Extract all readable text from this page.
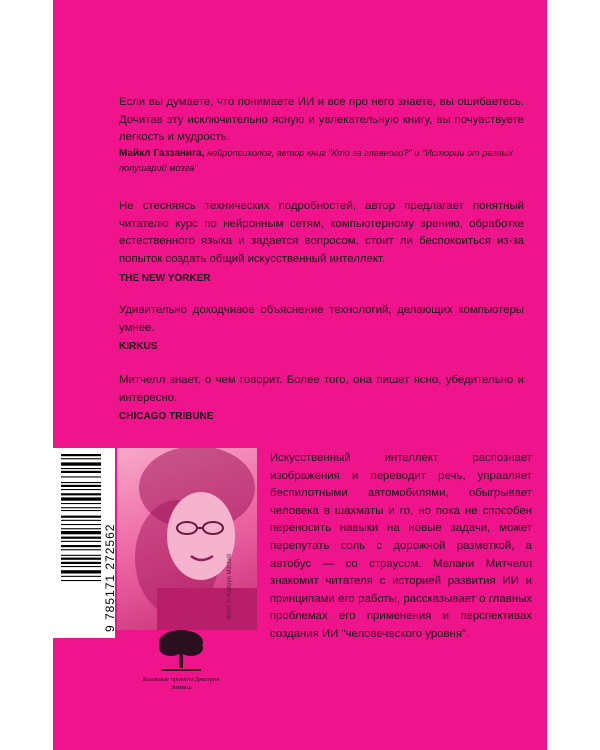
Если вы думаете, что понимаете ИИ и все про него знаете, вы ошибаетесь. Дочитав эту исключительно ясную и увлекательную книгу, вы почувствуете легкость и мудрость.
Майкл Газзанига, нейропсихолог, автор книг "Кто за главного?" и "Истории от разных полушарий мозга"
Не стесняясь технических подробностей, автор предлагает понятный читателю курс по нейронным сетям, компьютерному зрению, обработке естественного языка и задается вопросом, стоит ли беспокоиться из-за попыток создать общий искусственный интеллект.
THE NEW YORKER
Удивительно доходчивое объяснение технологий, делающих компьютеры умнее.
KIRKUS
Митчелл знает, о чем говорит. Более того, она пишет ясно, убедительно и интересно.
CHICAGO TRIBUNE
9 785171 272562	Фото: © Kathryn Mitchell
Искусственный интеллект распознает изображения и переводит речь, управляет беспилотными автомобилями, обыгрывает человека в шахматы и го, но пока не способен переносить навыки на новые задачи, может перепутать соль с дорожной разметкой, а автобус — со страусом. Мелани Митчелл знакомит читателя с историей развития ИИ и принципами его работы, рассказывает о главных проблемах его применения и перспективах создания ИИ "человеческого уровня".
Книжные проекты Дмитрия Зимина
